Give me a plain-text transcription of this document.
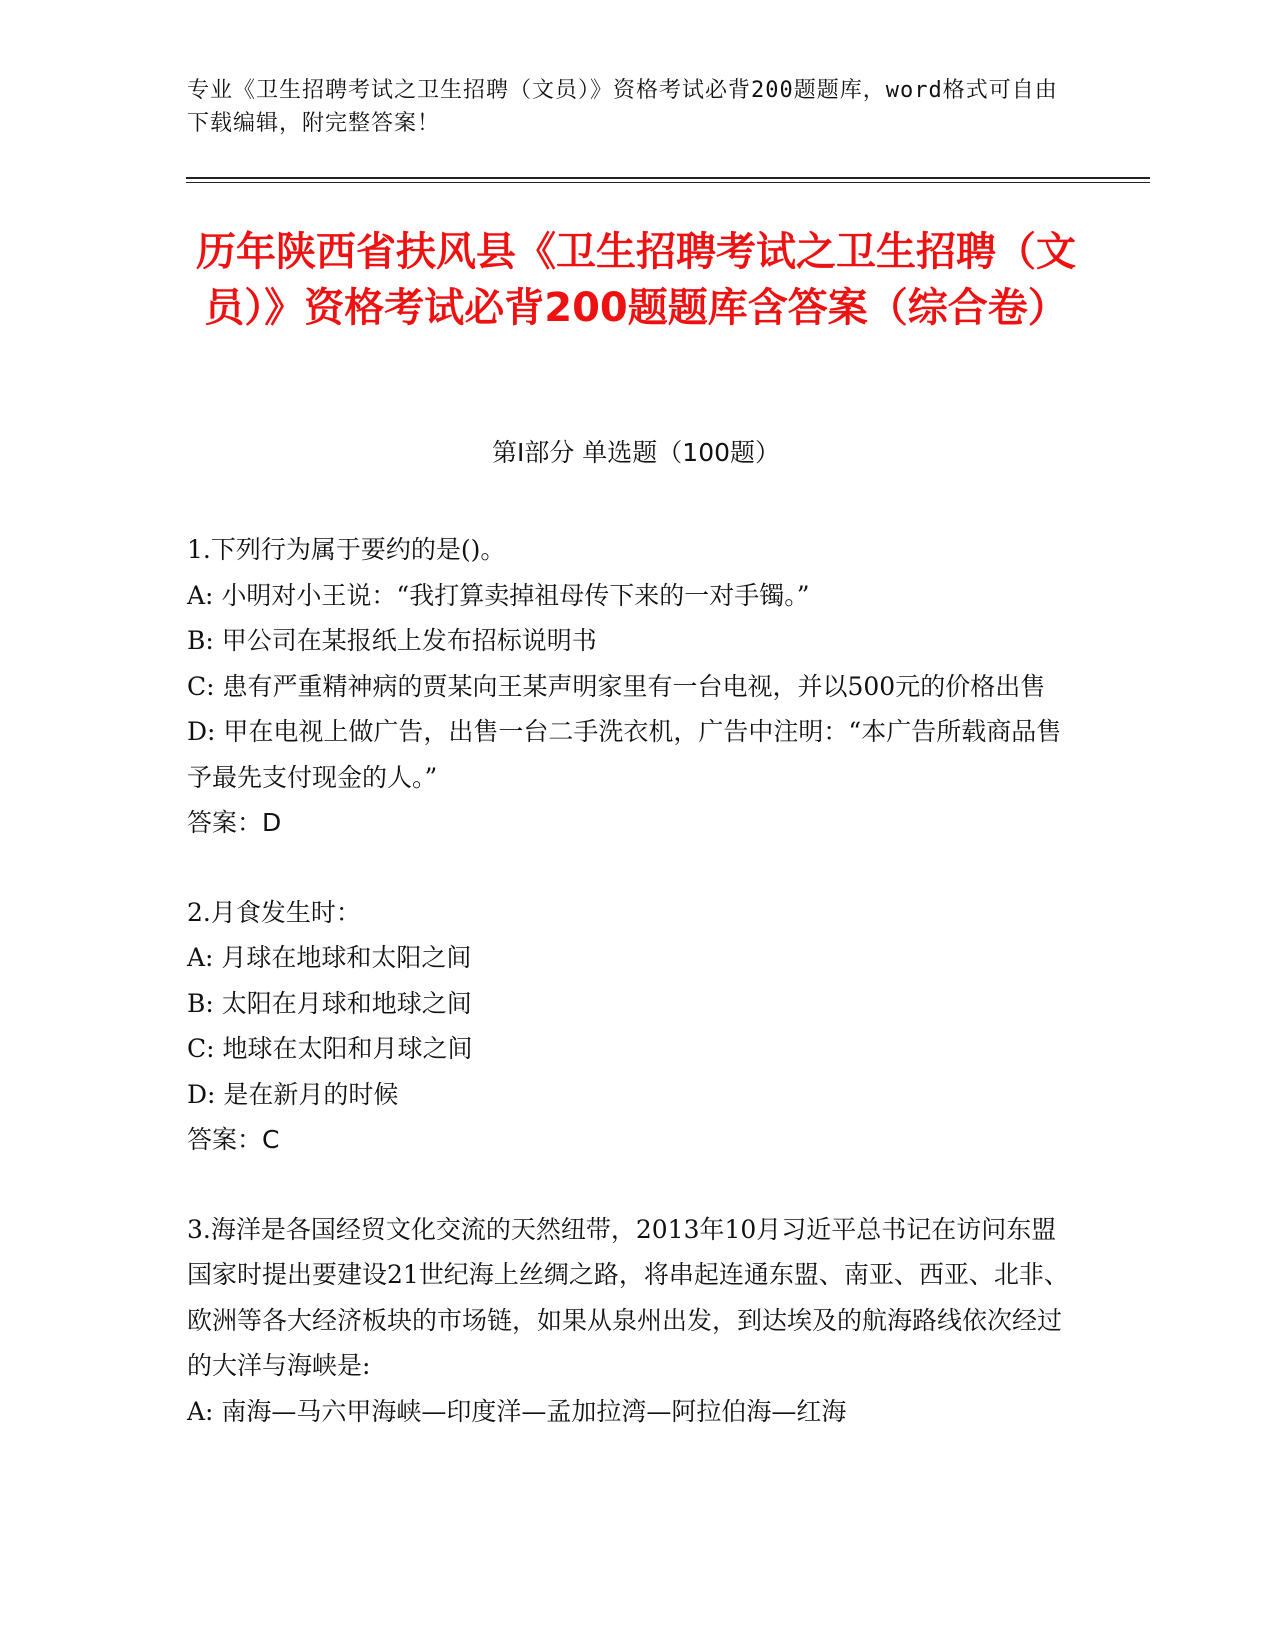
专业《卫生招聘考试之卫生招聘（文员）》资格考试必背200题题库，word格式可自由下载编辑，附完整答案！
历年陕西省扶风县《卫生招聘考试之卫生招聘（文员）》资格考试必背200题题库含答案（综合卷）
第Ⅰ部分 单选题（100题）
1.下列行为属于要约的是()。
A: 小明对小王说：“我打算卖掉祖母传下来的一对手镯。”
B: 甲公司在某报纸上发布招标说明书
C: 患有严重精神病的贾某向王某声明家里有一台电视，并以500元的价格出售
D: 甲在电视上做广告，出售一台二手洗衣机，广告中注明：“本广告所载商品售予最先支付现金的人。”
答案：D
2.月食发生时：
A: 月球在地球和太阳之间
B: 太阳在月球和地球之间
C: 地球在太阳和月球之间
D: 是在新月的时候
答案：C
3.海洋是各国经贸文化交流的天然纽带，2013年10月习近平总书记在访问东盟国家时提出要建设21世纪海上丝绸之路，将串起连通东盟、南亚、西亚、北非、欧洲等各大经济板块的市场链，如果从泉州出发，到达埃及的航海路线依次经过的大洋与海峡是:
A: 南海—马六甲海峡—印度洋—孟加拉湾—阿拉伯海—红海
